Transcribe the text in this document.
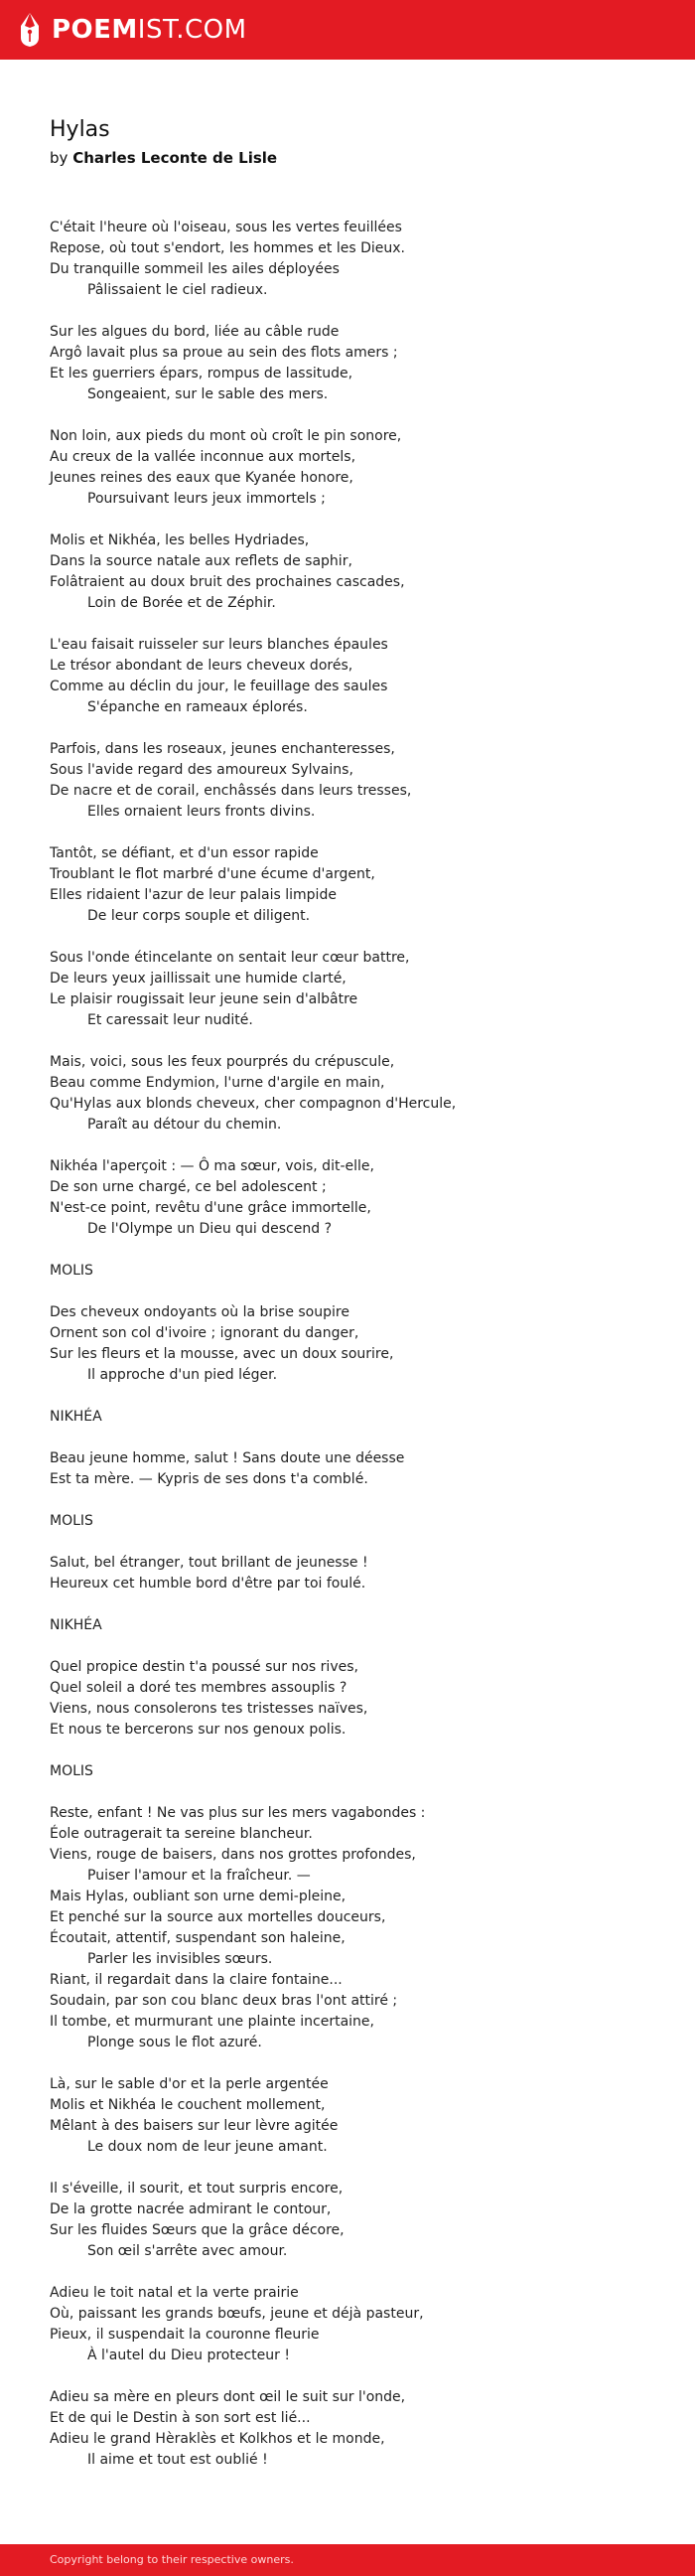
POEMIST.COM
Hylas
by Charles Leconte de Lisle
C'était l'heure où l'oiseau, sous les vertes feuillées
Repose, où tout s'endort, les hommes et les Dieux.
Du tranquille sommeil les ailes déployées
Pâlissaient le ciel radieux.
Sur les algues du bord, liée au câble rude
Argô lavait plus sa proue au sein des flots amers ;
Et les guerriers épars, rompus de lassitude,
Songeaient, sur le sable des mers.
Non loin, aux pieds du mont où croît le pin sonore,
Au creux de la vallée inconnue aux mortels,
Jeunes reines des eaux que Kyanée honore,
Poursuivant leurs jeux immortels ;
Molis et Nikhéa, les belles Hydriades,
Dans la source natale aux reflets de saphir,
Folâtraient au doux bruit des prochaines cascades,
Loin de Borée et de Zéphir.
L'eau faisait ruisseler sur leurs blanches épaules
Le trésor abondant de leurs cheveux dorés,
Comme au déclin du jour, le feuillage des saules
S'épanche en rameaux éplorés.
Parfois, dans les roseaux, jeunes enchanteresses,
Sous l'avide regard des amoureux Sylvains,
De nacre et de corail, enchâssés dans leurs tresses,
Elles ornaient leurs fronts divins.
Tantôt, se défiant, et d'un essor rapide
Troublant le flot marbré d'une écume d'argent,
Elles ridaient l'azur de leur palais limpide
De leur corps souple et diligent.
Sous l'onde étincelante on sentait leur cœur battre,
De leurs yeux jaillissait une humide clarté,
Le plaisir rougissait leur jeune sein d'albâtre
Et caressait leur nudité.
Mais, voici, sous les feux pourprés du crépuscule,
Beau comme Endymion, l'urne d'argile en main,
Qu'Hylas aux blonds cheveux, cher compagnon d'Hercule,
Paraît au détour du chemin.
Nikhéa l'aperçoit : — Ô ma sœur, vois, dit-elle,
De son urne chargé, ce bel adolescent ;
N'est-ce point, revêtu d'une grâce immortelle,
De l'Olympe un Dieu qui descend ?
MOLIS
Des cheveux ondoyants où la brise soupire
Ornent son col d'ivoire ; ignorant du danger,
Sur les fleurs et la mousse, avec un doux sourire,
Il approche d'un pied léger.
NIKHÉA
Beau jeune homme, salut ! Sans doute une déesse
Est ta mère. — Kypris de ses dons t'a comblé.
MOLIS
Salut, bel étranger, tout brillant de jeunesse !
Heureux cet humble bord d'être par toi foulé.
NIKHÉA
Quel propice destin t'a poussé sur nos rives,
Quel soleil a doré tes membres assouplis ?
Viens, nous consolerons tes tristesses naïves,
Et nous te bercerons sur nos genoux polis.
MOLIS
Reste, enfant ! Ne vas plus sur les mers vagabondes :
Éole outragerait ta sereine blancheur.
Viens, rouge de baisers, dans nos grottes profondes,
Puiser l'amour et la fraîcheur. —
Mais Hylas, oubliant son urne demi-pleine,
Et penché sur la source aux mortelles douceurs,
Écoutait, attentif, suspendant son haleine,
Parler les invisibles sœurs.
Riant, il regardait dans la claire fontaine...
Soudain, par son cou blanc deux bras l'ont attiré ;
Il tombe, et murmurant une plainte incertaine,
Plonge sous le flot azuré.
Là, sur le sable d'or et la perle argentée
Molis et Nikhéa le couchent mollement,
Mêlant à des baisers sur leur lèvre agitée
Le doux nom de leur jeune amant.
Il s'éveille, il sourit, et tout surpris encore,
De la grotte nacrée admirant le contour,
Sur les fluides Sœurs que la grâce décore,
Son œil s'arrête avec amour.
Adieu le toit natal et la verte prairie
Où, paissant les grands bœufs, jeune et déjà pasteur,
Pieux, il suspendait la couronne fleurie
À l'autel du Dieu protecteur !
Adieu sa mère en pleurs dont œil le suit sur l'onde,
Et de qui le Destin à son sort est lié...
Adieu le grand Hèraklès et Kolkhos et le monde,
Il aime et tout est oublié !
Copyright belong to their respective owners.
